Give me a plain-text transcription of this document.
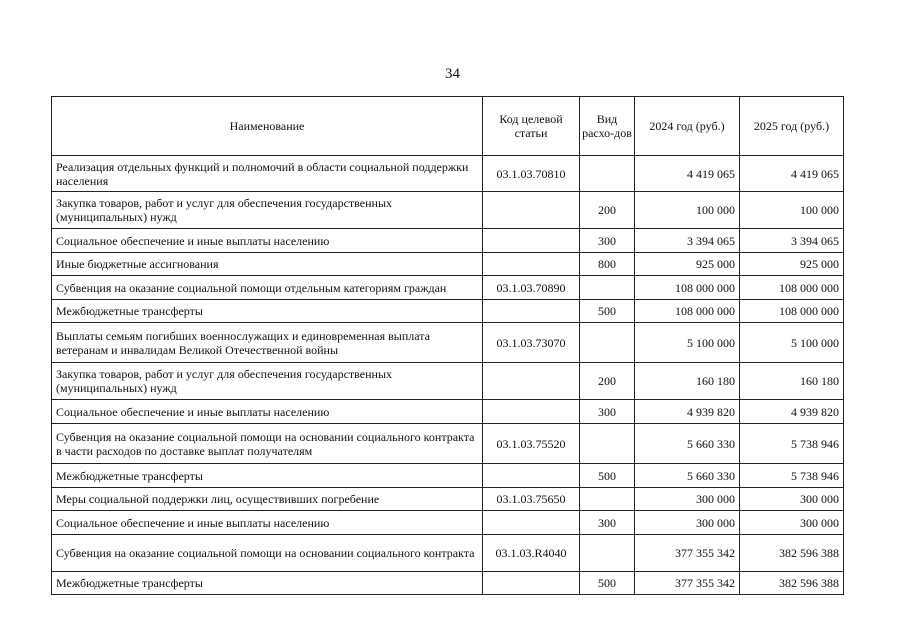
34
Наименование	Код целевой статьи	Вид расхо-дов	2024 год (руб.)	2025 год (руб.)
Реализация отдельных функций и полномочий в области социальной поддержки населения	03.1.03.70810		4 419 065	4 419 065
Закупка товаров, работ и услуг для обеспечения государственных (муниципальных) нужд		200	100 000	100 000
Социальное обеспечение и иные выплаты населению		300	3 394 065	3 394 065
Иные бюджетные ассигнования		800	925 000	925 000
Субвенция на оказание социальной помощи отдельным категориям граждан	03.1.03.70890		108 000 000	108 000 000
Межбюджетные трансферты		500	108 000 000	108 000 000
Выплаты семьям погибших военнослужащих и единовременная выплата ветеранам и инвалидам Великой Отечественной войны	03.1.03.73070		5 100 000	5 100 000
Закупка товаров, работ и услуг для обеспечения государственных (муниципальных) нужд		200	160 180	160 180
Социальное обеспечение и иные выплаты населению		300	4 939 820	4 939 820
Субвенция на оказание социальной помощи на основании социального контракта в части расходов по доставке выплат получателям	03.1.03.75520		5 660 330	5 738 946
Межбюджетные трансферты		500	5 660 330	5 738 946
Меры социальной поддержки лиц, осуществивших погребение	03.1.03.75650		300 000	300 000
Социальное обеспечение и иные выплаты населению		300	300 000	300 000
Субвенция на оказание социальной помощи на основании социального контракта	03.1.03.R4040		377 355 342	382 596 388
Межбюджетные трансферты		500	377 355 342	382 596 388
